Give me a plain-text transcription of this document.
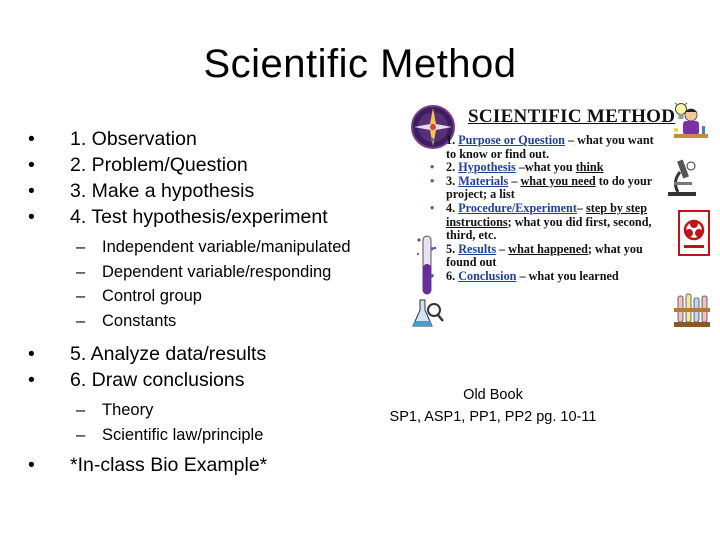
Scientific Method
• 1. Observation
• 2. Problem/Question
• 3. Make a hypothesis
• 4. Test hypothesis/experiment
– Independent variable/manipulated
– Dependent variable/responding
– Control group
– Constants
• 5. Analyze data/results
• 6. Draw conclusions
– Theory
– Scientific law/principle
• *In-class Bio Example*
SCIENTIFIC METHOD
• 1. Purpose or Question – what you want
to know or find out.
• 2. Hypothesis –what you think
• 3. Materials – what you need to do your
project; a list
• 4. Procedure/Experiment– step by step
instructions; what you did first, second,
third, etc.
• 5. Results – what happened; what you
found out
• 6. Conclusion – what you learned
Old Book
SP1, ASP1, PP1, PP2 pg. 10-11
